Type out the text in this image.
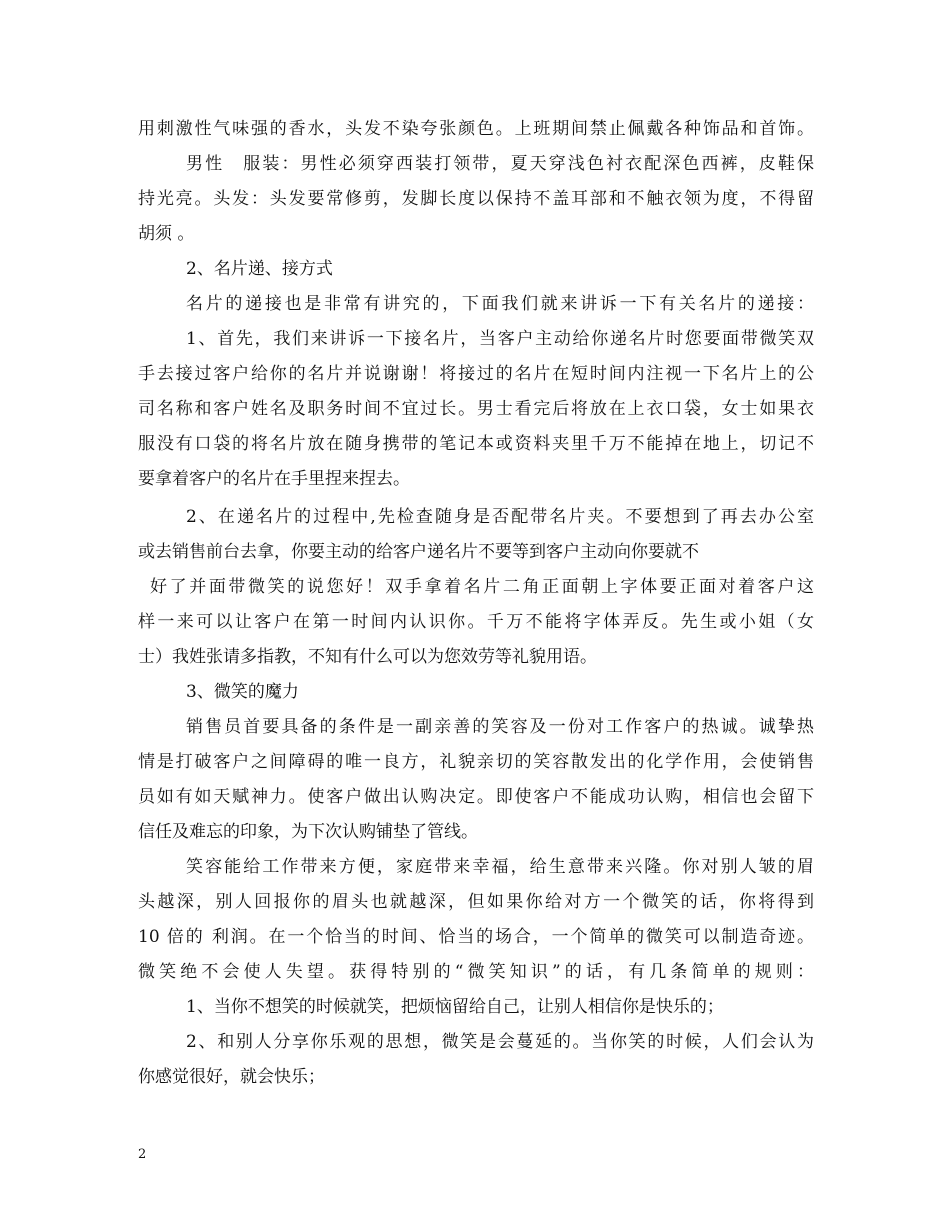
用刺激性气味强的香水，头发不染夸张颜色。上班期间禁止佩戴各种饰品和首饰。
男性　服装：男性必须穿西装打领带，夏天穿浅色衬衣配深色西裤，皮鞋保
持光亮。头发：头发要常修剪，发脚长度以保持不盖耳部和不触衣领为度，不得留
胡须 。
2、名片递、接方式
名片的递接也是非常有讲究的，下面我们就来讲诉一下有关名片的递接：
1、首先，我们来讲诉一下接名片，当客户主动给你递名片时您要面带微笑双
手去接过客户给你的名片并说谢谢！将接过的名片在短时间内注视一下名片上的公
司名称和客户姓名及职务时间不宜过长。男士看完后将放在上衣口袋，女士如果衣
服没有口袋的将名片放在随身携带的笔记本或资料夹里千万不能掉在地上，切记不
要拿着客户的名片在手里捏来捏去。
2、在递名片的过程中,先检查随身是否配带名片夹。不要想到了再去办公室
或去销售前台去拿，你要主动的给客户递名片不要等到客户主动向你要就不
好了并面带微笑的说您好！双手拿着名片二角正面朝上字体要正面对着客户这
样一来可以让客户在第一时间内认识你。千万不能将字体弄反。先生或小姐（女
士）我姓张请多指教，不知有什么可以为您效劳等礼貌用语。
3、微笑的魔力
销售员首要具备的条件是一副亲善的笑容及一份对工作客户的热诚。诚挚热
情是打破客户之间障碍的唯一良方，礼貌亲切的笑容散发出的化学作用，会使销售
员如有如天赋神力。使客户做出认购决定。即使客户不能成功认购，相信也会留下
信任及难忘的印象，为下次认购铺垫了管线。
笑容能给工作带来方便，家庭带来幸福，给生意带来兴隆。你对别人皱的眉
头越深，别人回报你的眉头也就越深，但如果你给对方一个微笑的话，你将得到
10 倍的 利润。在一个恰当的时间、恰当的场合，一个简单的微笑可以制造奇迹。
微笑绝不会使人失望。获得特别的“微笑知识”的话，有几条简单的规则：
1、当你不想笑的时候就笑，把烦恼留给自己，让别人相信你是快乐的；
2、和别人分享你乐观的思想，微笑是会蔓延的。当你笑的时候，人们会认为
你感觉很好，就会快乐；
2
